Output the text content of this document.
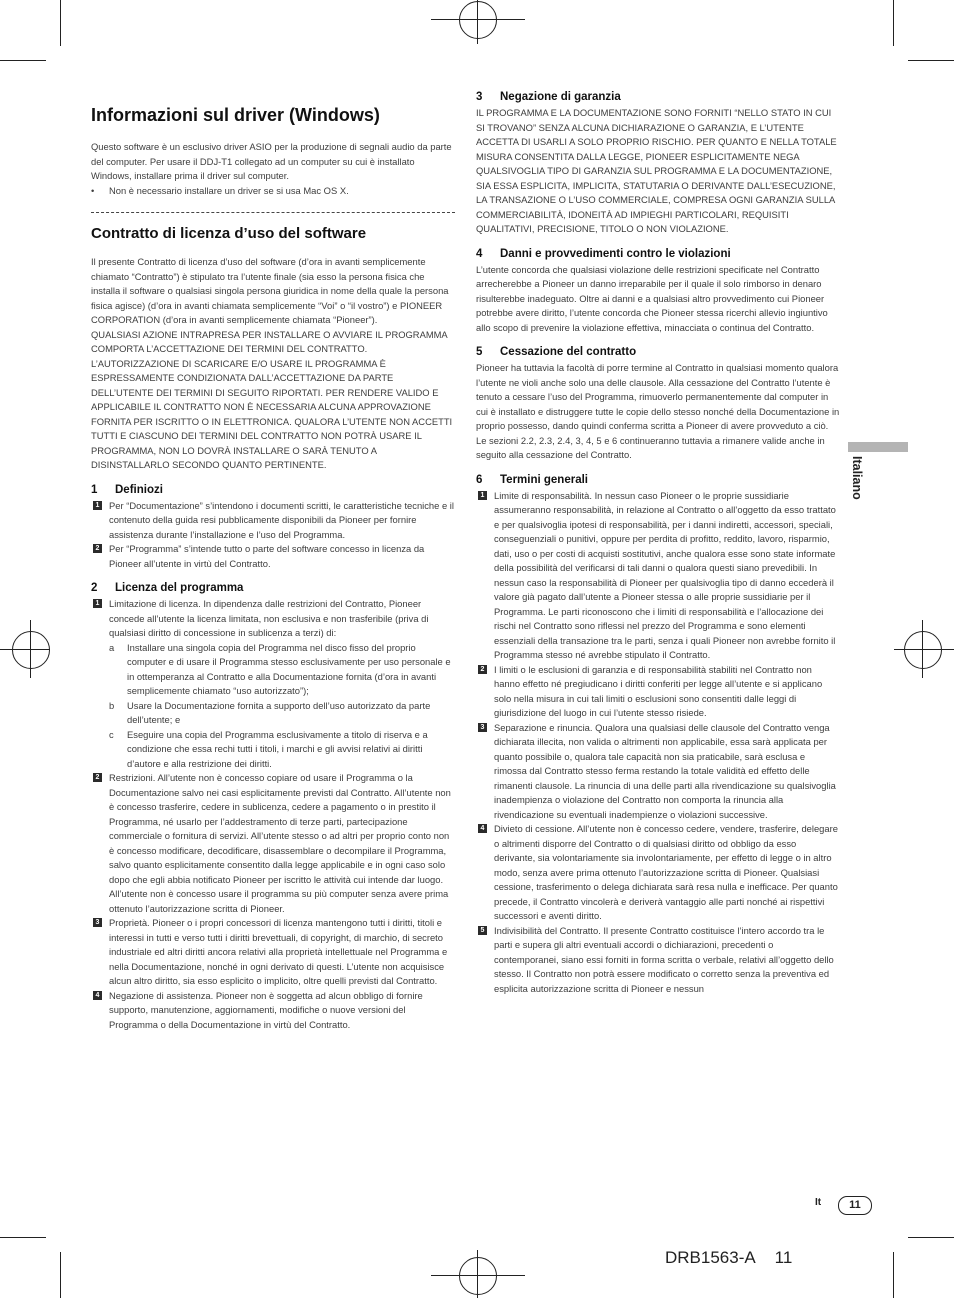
Informazioni sul driver (Windows)

Questo software è un esclusivo driver ASIO per la produzione di segnali audio da parte del computer. Per usare il DDJ-T1 collegato ad un computer su cui è installato Windows, installare prima il driver sul computer.

• Non è necessario installare un driver se si usa Mac OS X.

Contratto di licenza d’uso del software

Il presente Contratto di licenza d’uso del software (d’ora in avanti semplicemente chiamato “Contratto”) è stipulato tra l’utente finale (sia esso la persona fisica che installa il software o qualsiasi singola persona giuridica in nome della quale la persona fisica agisce) (d’ora in avanti chiamata semplicemente “Voi” o “il vostro”) e PIONEER CORPORATION (d’ora in avanti semplicemente chiamata “Pioneer”).

QUALSIASI AZIONE INTRAPRESA PER INSTALLARE O AVVIARE IL PROGRAMMA COMPORTA L’ACCETTAZIONE DEI TERMINI DEL CONTRATTO. L’AUTORIZZAZIONE DI SCARICARE E/O USARE IL PROGRAMMA È ESPRESSAMENTE CONDIZIONATA DALL’ACCETTAZIONE DA PARTE DELL’UTENTE DEI TERMINI DI SEGUITO RIPORTATI. PER RENDERE VALIDO E APPLICABILE IL CONTRATTO NON È NECESSARIA ALCUNA APPROVAZIONE FORNITA PER ISCRITTO O IN ELETTRONICA. QUALORA L’UTENTE NON ACCETTI TUTTI E CIASCUNO DEI TERMINI DEL CONTRATTO NON POTRÀ USARE IL PROGRAMMA, NON LO DOVRÀ INSTALLARE O SARÀ TENUTO A DISINSTALLARLO SECONDO QUANTO PERTINENTE.

1 Definiozi

1 Per “Documentazione” s’intendono i documenti scritti, le caratteristiche tecniche e il contenuto della guida resi pubblicamente disponibili da Pioneer per fornire assistenza durante l’installazione e l’uso del Programma.

2 Per “Programma” s’intende tutto o parte del software concesso in licenza da Pioneer all’utente in virtù del Contratto.

2 Licenza del programma

1 Limitazione di licenza. In dipendenza dalle restrizioni del Contratto, Pioneer concede all’utente la licenza limitata, non esclusiva e non trasferibile (priva di qualsiasi diritto di concessione in sublicenza a terzi) di:

a Installare una singola copia del Programma nel disco fisso del proprio computer e di usare il Programma stesso esclusivamente per uso personale e in ottemperanza al Contratto e alla Documentazione fornita (d’ora in avanti semplicemente chiamato “uso autorizzato”);

b Usare la Documentazione fornita a supporto dell’uso autorizzato da parte dell’utente; e

c Eseguire una copia del Programma esclusivamente a titolo di riserva e a condizione che essa rechi tutti i titoli, i marchi e gli avvisi relativi ai diritti d’autore e alla restrizione dei diritti.

2 Restrizioni. All’utente non è concesso copiare od usare il Programma o la Documentazione salvo nei casi esplicitamente previsti dal Contratto. All’utente non è concesso trasferire, cedere in sublicenza, cedere a pagamento o in prestito il Programma, né usarlo per l’addestramento di terze parti, partecipazione commerciale o fornitura di servizi. All’utente stesso o ad altri per proprio conto non è concesso modificare, decodificare, disassemblare o decompilare il Programma, salvo quanto esplicitamente consentito dalla legge applicabile e in ogni caso solo dopo che egli abbia notificato Pioneer per iscritto le attività cui intende dar luogo. All’utente non è concesso usare il programma su più computer senza avere prima ottenuto l’autorizzazione scritta di Pioneer.

3 Proprietà. Pioneer o i propri concessori di licenza mantengono tutti i diritti, titoli e interessi in tutti e verso tutti i diritti brevettuali, di copyright, di marchio, di secreto industriale ed altri diritti ancora relativi alla proprietà intellettuale nel Programma e nella Documentazione, nonché in ogni derivato di questi. L’utente non acquisisce alcun altro diritto, sia esso esplicito o implicito, oltre quelli previsti dal Contratto.

4 Negazione di assistenza. Pioneer non è soggetta ad alcun obbligo di fornire supporto, manutenzione, aggiornamenti, modifiche o nuove versioni del Programma o della Documentazione in virtù del Contratto.

3 Negazione di garanzia

IL PROGRAMMA E LA DOCUMENTAZIONE SONO FORNITI “NELLO STATO IN CUI SI TROVANO” SENZA ALCUNA DICHIARAZIONE O GARANZIA, E L’UTENTE ACCETTA DI USARLI A SOLO PROPRIO RISCHIO. PER QUANTO E NELLA TOTALE MISURA CONSENTITA DALLA LEGGE, PIONEER ESPLICITAMENTE NEGA QUALSIVOGLIA TIPO DI GARANZIA SUL PROGRAMMA E LA DOCUMENTAZIONE, SIA ESSA ESPLICITA, IMPLICITA, STATUTARIA O DERIVANTE DALL’ESECUZIONE, LA TRANSAZIONE O L’USO COMMERCIALE, COMPRESA OGNI GARANZIA SULLA COMMERCIABILITÀ, IDONEITÀ AD IMPIEGHI PARTICOLARI, REQUISITI QUALITATIVI, PRECISIONE, TITOLO O NON VIOLAZIONE.

4 Danni e provvedimenti contro le violazioni

L’utente concorda che qualsiasi violazione delle restrizioni specificate nel Contratto arrecherebbe a Pioneer un danno irreparabile per il quale il solo rimborso in denaro risulterebbe inadeguato. Oltre ai danni e a qualsiasi altro provvedimento cui Pioneer potrebbe avere diritto, l’utente concorda che Pioneer stessa ricerchi allevio ingiuntivo allo scopo di prevenire la violazione effettiva, minacciata o continua del Contratto.

5 Cessazione del contratto

Pioneer ha tuttavia la facoltà di porre termine al Contratto in qualsiasi momento qualora l’utente ne violi anche solo una delle clausole. Alla cessazione del Contratto l’utente è tenuto a cessare l’uso del Programma, rimuoverlo permanentemente dal computer in cui è installato e distruggere tutte le copie dello stesso nonché della Documentazione in proprio possesso, dando quindi conferma scritta a Pioneer di avere provveduto a ciò. Le sezioni 2.2, 2.3, 2.4, 3, 4, 5 e 6 continueranno tuttavia a rimanere valide anche in seguito alla cessazione del Contratto.

6 Termini generali

1 Limite di responsabilità. In nessun caso Pioneer o le proprie sussidiarie assumeranno responsabilità, in relazione al Contratto o all’oggetto da esso trattato e per qualsivoglia ipotesi di responsabilità, per i danni indiretti, accessori, speciali, conseguenziali o punitivi, oppure per perdita di profitto, reddito, lavoro, risparmio, dati, uso o per costi di acquisti sostitutivi, anche qualora esse sono state informate della possibilità del verificarsi di tali danni o qualora questi siano prevedibili. In nessun caso la responsabilità di Pioneer per qualsivoglia tipo di danno eccederà il valore già pagato dall’utente a Pioneer stessa o alle proprie sussidiarie per il Programma. Le parti riconoscono che i limiti di responsabilità e l’allocazione dei rischi nel Contratto sono riflessi nel prezzo del Programma e sono elementi essenziali della transazione tra le parti, senza i quali Pioneer non avrebbe fornito il Programma stesso né avrebbe stipulato il Contratto.

2 I limiti o le esclusioni di garanzia e di responsabilità stabiliti nel Contratto non hanno effetto né pregiudicano i diritti conferiti per legge all’utente e si applicano solo nella misura in cui tali limiti o esclusioni sono consentiti dalle leggi di giurisdizione del luogo in cui l’utente stesso risiede.

3 Separazione e rinuncia. Qualora una qualsiasi delle clausole del Contratto venga dichiarata illecita, non valida o altrimenti non applicabile, essa sarà applicata per quanto possibile o, qualora tale capacità non sia praticabile, sarà esclusa e rimossa dal Contratto stesso ferma restando la totale validità ed effetto delle rimanenti clausole. La rinuncia di una delle parti alla rivendicazione su qualsivoglia inadempienza o violazione del Contratto non comporta la rinuncia alla rivendicazione su eventuali inadempienze o violazioni successive.

4 Divieto di cessione. All’utente non è concesso cedere, vendere, trasferire, delegare o altrimenti disporre del Contratto o di qualsiasi diritto od obbligo da esso derivante, sia volontariamente sia involontariamente, per effetto di legge o in altro modo, senza avere prima ottenuto l’autorizzazione scritta di Pioneer. Qualsiasi cessione, trasferimento o delega dichiarata sarà resa nulla e inefficace. Per quanto precede, il Contratto vincolerà e deriverà vantaggio alle parti nonché ai rispettivi successori e aventi diritto.

5 Indivisibilità del Contratto. Il presente Contratto costituisce l’intero accordo tra le parti e supera gli altri eventuali accordi o dichiarazioni, precedenti o contemporanei, siano essi forniti in forma scritta o verbale, relativi all’oggetto dello stesso. Il Contratto non potrà essere modificato o corretto senza la preventiva ed esplicita autorizzazione scritta di Pioneer e nessun

Italiano
It	11
DRB1563-A 11
